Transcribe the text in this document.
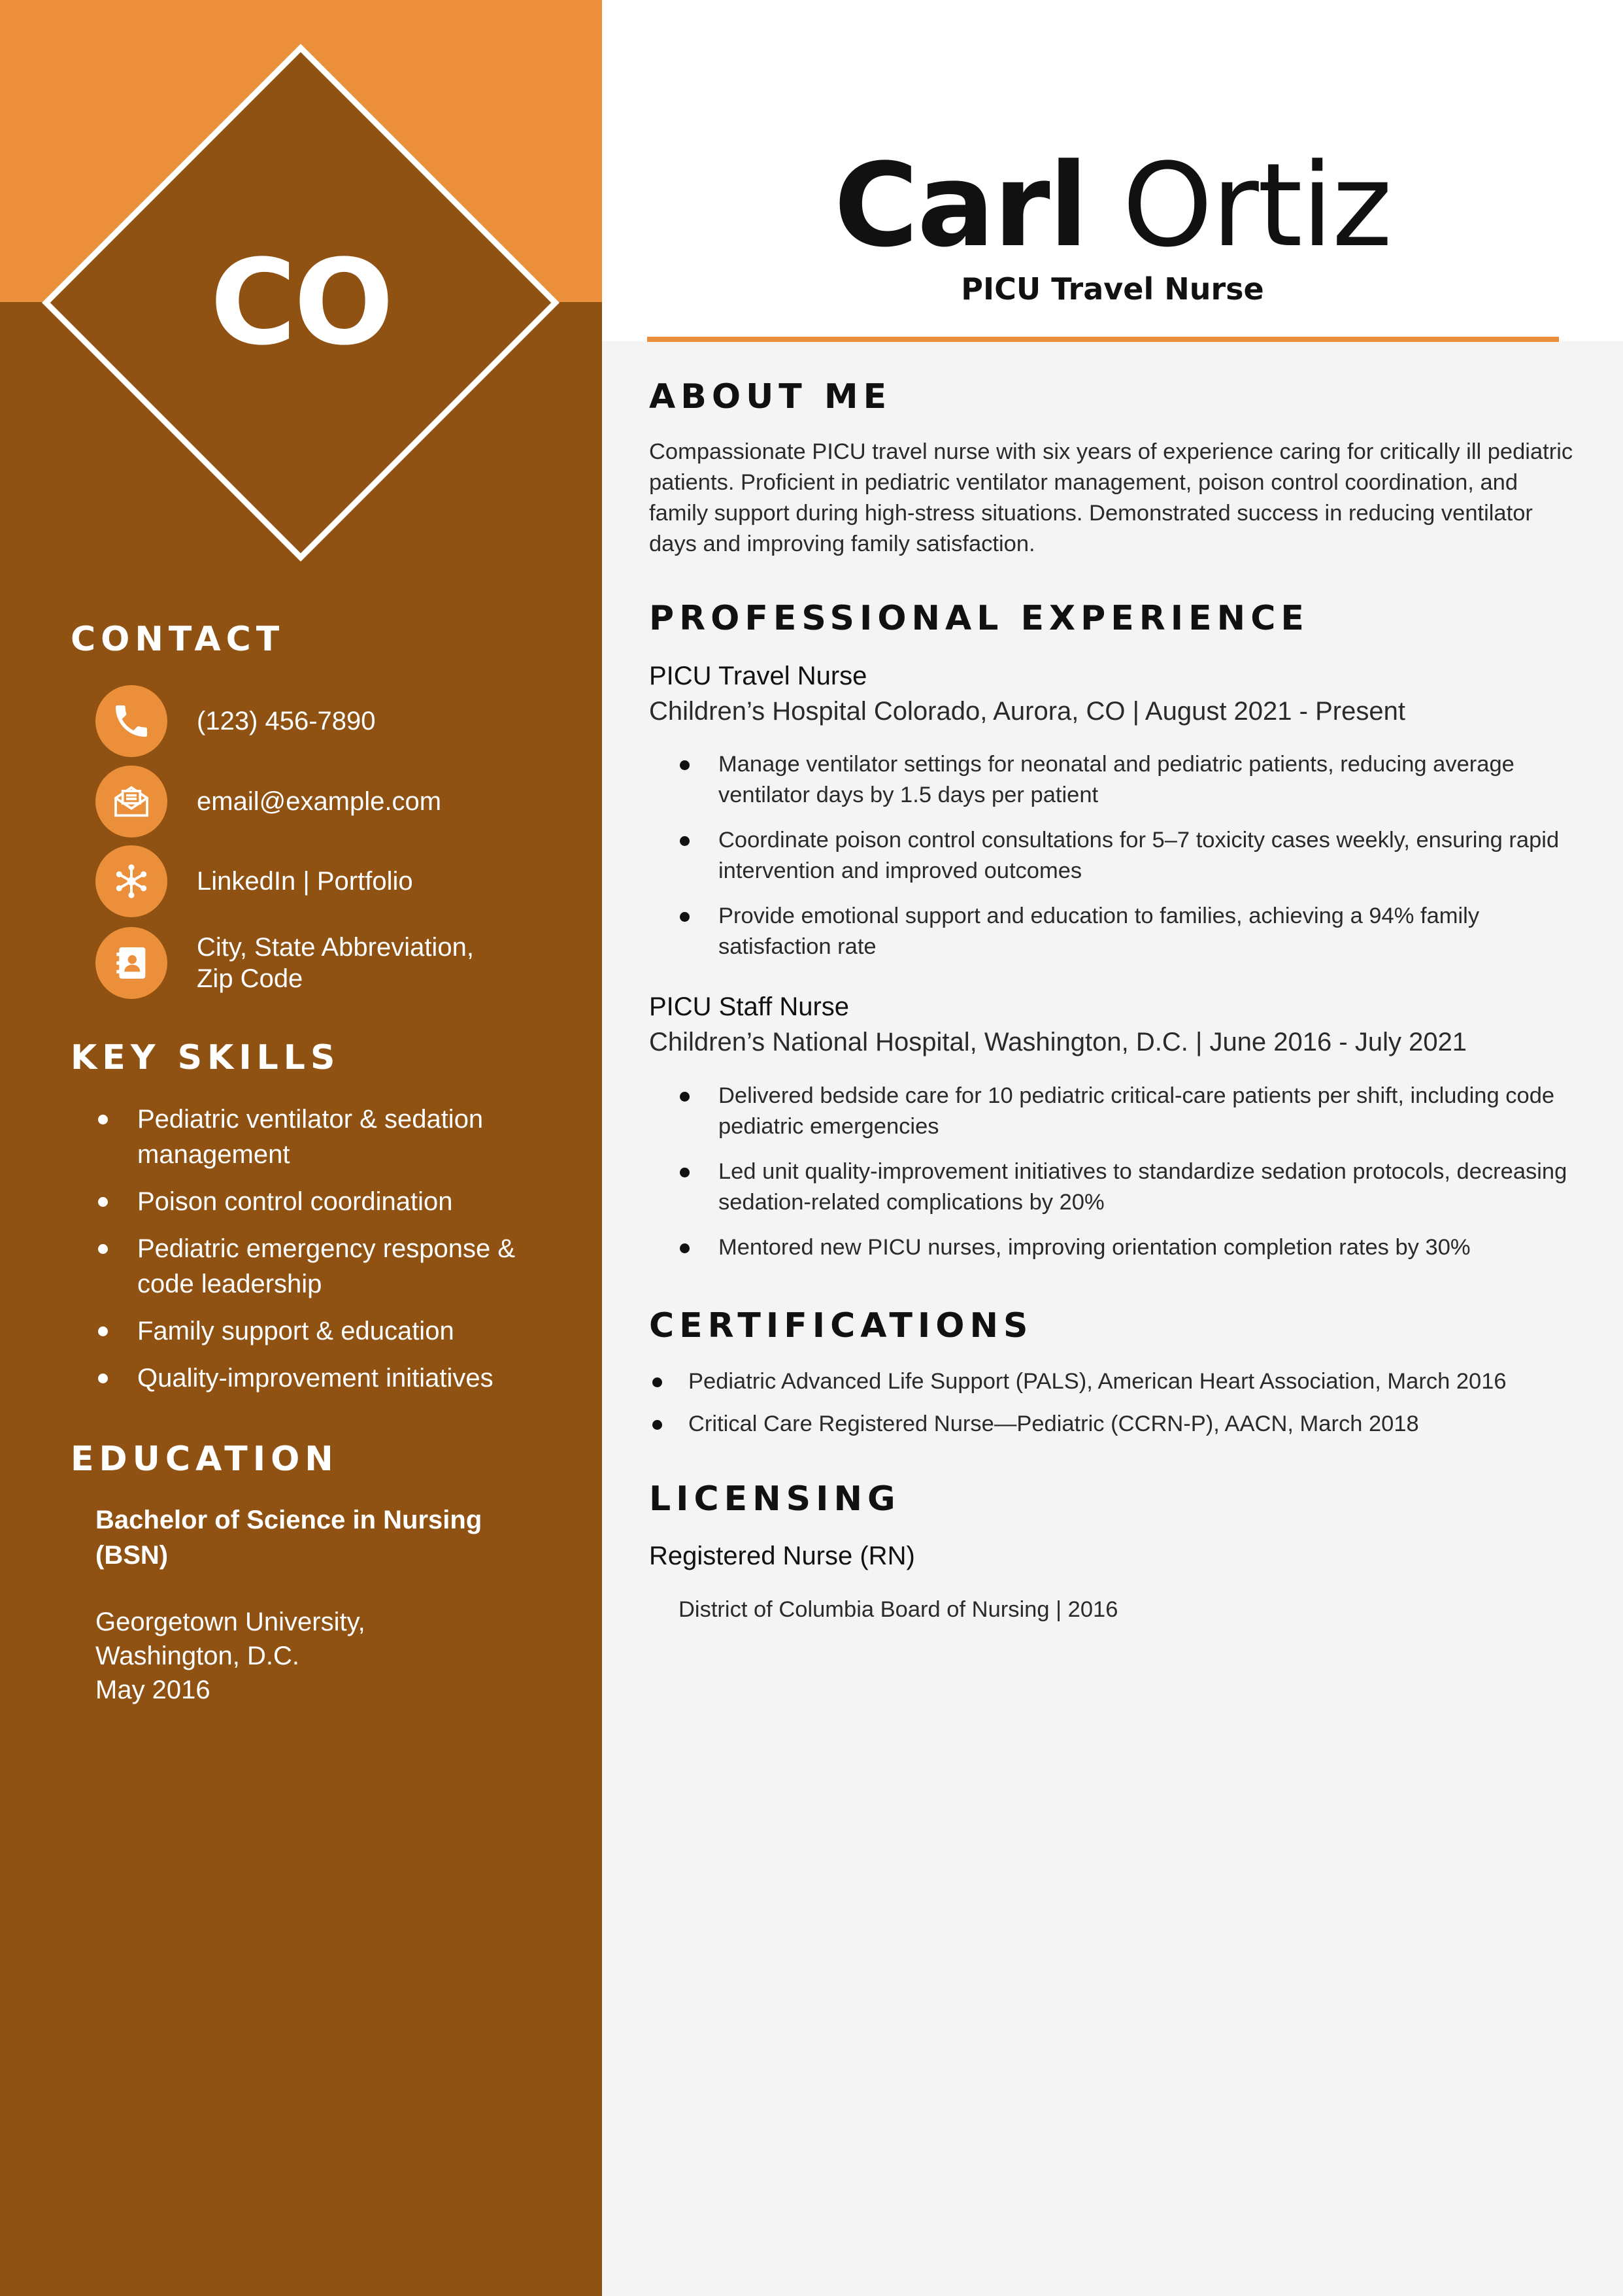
CO
Carl Ortiz
PICU Travel Nurse
CONTACT
(123) 456-7890
email@example.com
LinkedIn | Portfolio
City, State Abbreviation,
Zip Code
KEY SKILLS
Pediatric ventilator & sedation management
Poison control coordination
Pediatric emergency response & code leadership
Family support & education
Quality-improvement initiatives
EDUCATION
Bachelor of Science in Nursing (BSN)
Georgetown University,
Washington, D.C.
May 2016
ABOUT ME

Compassionate PICU travel nurse with six years of experience caring for critically ill pediatric patients. Proficient in pediatric ventilator management, poison control coordination, and family support during high-stress situations. Demonstrated success in reducing ventilator days and improving family satisfaction.

PROFESSIONAL EXPERIENCE
PICU Travel Nurse
Children’s Hospital Colorado, Aurora, CO | August 2021 - Present
Manage ventilator settings for neonatal and pediatric patients, reducing average ventilator days by 1.5 days per patient
Coordinate poison control consultations for 5–7 toxicity cases weekly, ensuring rapid intervention and improved outcomes
Provide emotional support and education to families, achieving a 94% family satisfaction rate
PICU Staff Nurse
Children’s National Hospital, Washington, D.C. | June 2016 - July 2021
Delivered bedside care for 10 pediatric critical-care patients per shift, including code pediatric emergencies
Led unit quality-improvement initiatives to standardize sedation protocols, decreasing sedation-related complications by 20%
Mentored new PICU nurses, improving orientation completion rates by 30%
CERTIFICATIONS
Pediatric Advanced Life Support (PALS), American Heart Association, March 2016
Critical Care Registered Nurse—Pediatric (CCRN-P), AACN, March 2018
LICENSING
Registered Nurse (RN)
District of Columbia Board of Nursing | 2016
